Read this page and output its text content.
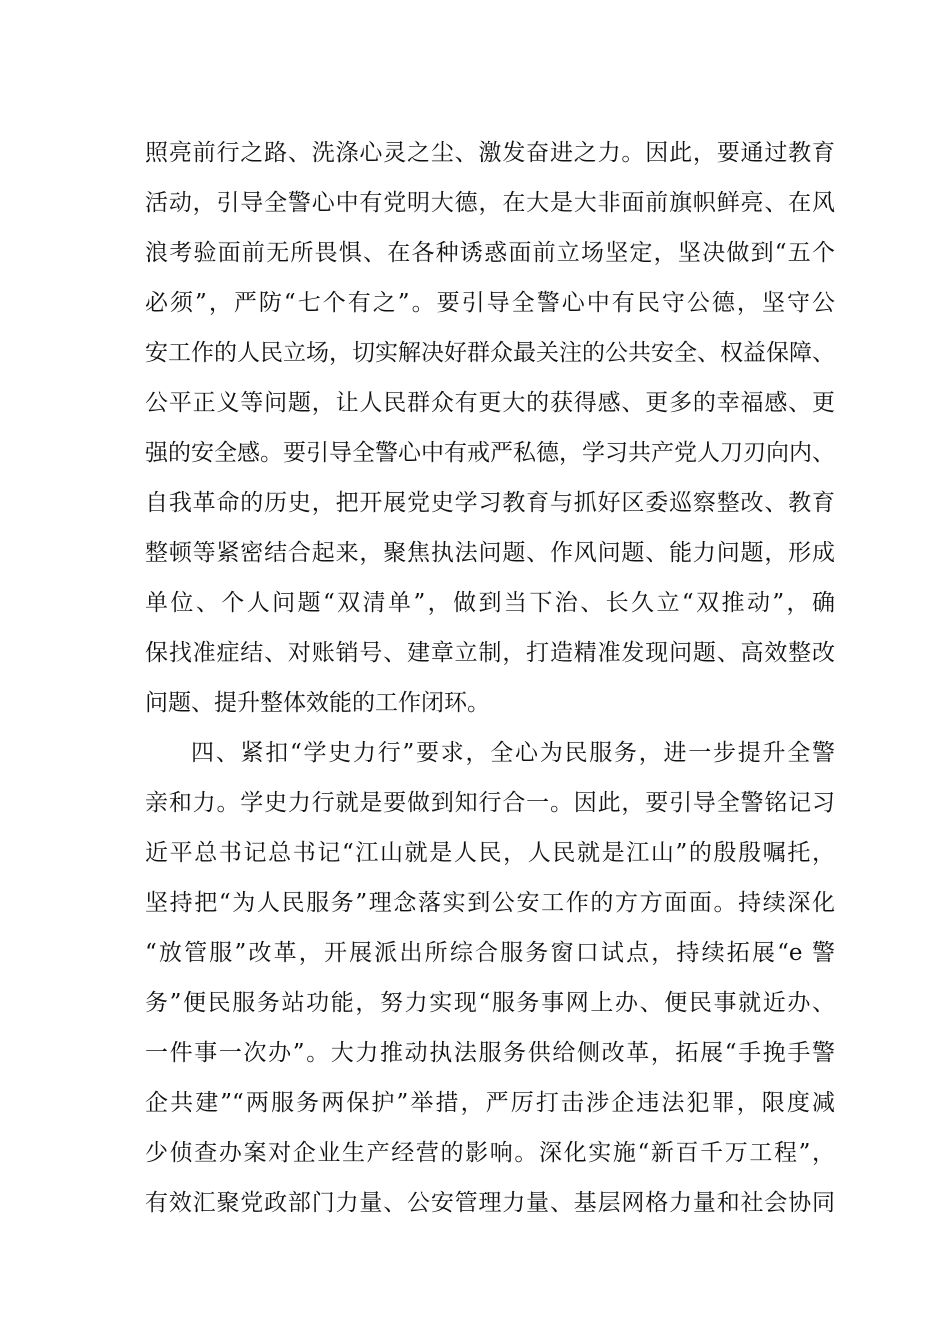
照亮前行之路、洗涤心灵之尘、激发奋进之力。因此，要通过教育
活动，引导全警心中有党明大德，在大是大非面前旗帜鲜亮、在风
浪考验面前无所畏惧、在各种诱惑面前立场坚定，坚决做到“五个
必须”，严防“七个有之”。要引导全警心中有民守公德，坚守公
安工作的人民立场，切实解决好群众最关注的公共安全、权益保障、
公平正义等问题，让人民群众有更大的获得感、更多的幸福感、更
强的安全感。要引导全警心中有戒严私德，学习共产党人刀刃向内、
自我革命的历史，把开展党史学习教育与抓好区委巡察整改、教育
整顿等紧密结合起来，聚焦执法问题、作风问题、能力问题，形成
单位、个人问题“双清单”，做到当下治、长久立“双推动”，确
保找准症结、对账销号、建章立制，打造精准发现问题、高效整改
问题、提升整体效能的工作闭环。
四、紧扣“学史力行”要求，全心为民服务，进一步提升全警
亲和力。学史力行就是要做到知行合一。因此，要引导全警铭记习
近平总书记总书记“江山就是人民，人民就是江山”的殷殷嘱托，
坚持把“为人民服务”理念落实到公安工作的方方面面。持续深化
“放管服”改革，开展派出所综合服务窗口试点，持续拓展“e 警
务”便民服务站功能，努力实现“服务事网上办、便民事就近办、
一件事一次办”。大力推动执法服务供给侧改革，拓展“手挽手警
企共建”“两服务两保护”举措，严厉打击涉企违法犯罪，限度减
少侦查办案对企业生产经营的影响。深化实施“新百千万工程”，
有效汇聚党政部门力量、公安管理力量、基层网格力量和社会协同
